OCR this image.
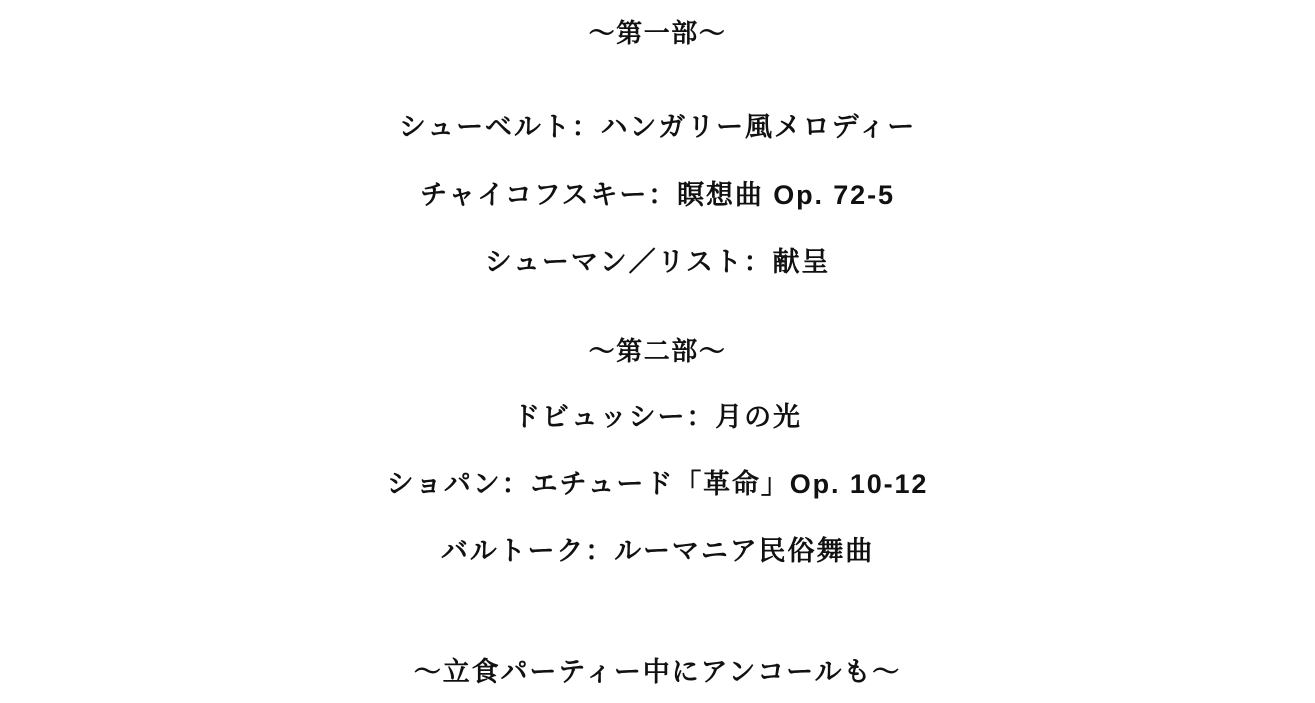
〜第一部〜
シューベルト：ハンガリー風メロディー
チャイコフスキー：瞑想曲 Op. 72-5
シューマン／リスト：献呈
〜第二部〜
ドビュッシー：月の光
ショパン：エチュード「革命」Op. 10-12
バルトーク：ルーマニア民俗舞曲
〜立食パーティー中にアンコールも〜
